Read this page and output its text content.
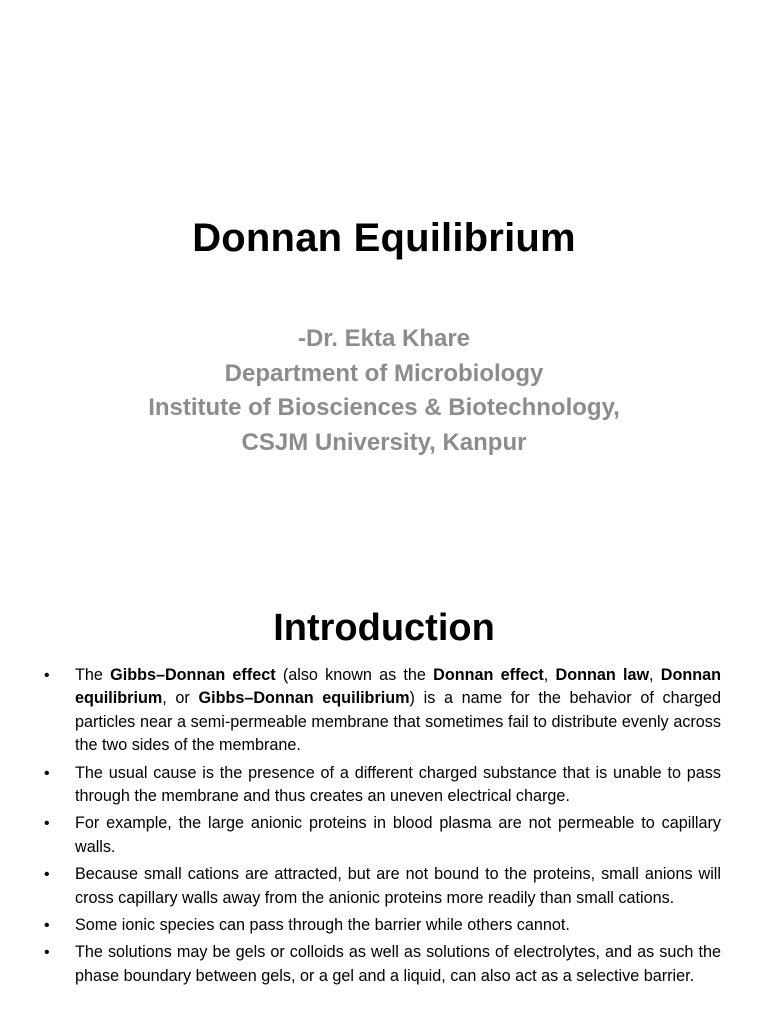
Donnan Equilibrium
-Dr. Ekta Khare
Department of Microbiology
Institute of Biosciences & Biotechnology,
CSJM University, Kanpur
Introduction
• The Gibbs–Donnan effect (also known as the Donnan effect, Donnan law, Donnan equilibrium, or Gibbs–Donnan equilibrium) is a name for the behavior of charged particles near a semi-permeable membrane that sometimes fail to distribute evenly across the two sides of the membrane.
• The usual cause is the presence of a different charged substance that is unable to pass through the membrane and thus creates an uneven electrical charge.
• For example, the large anionic proteins in blood plasma are not permeable to capillary walls.
• Because small cations are attracted, but are not bound to the proteins, small anions will cross capillary walls away from the anionic proteins more readily than small cations.
• Some ionic species can pass through the barrier while others cannot.
• The solutions may be gels or colloids as well as solutions of electrolytes, and as such the phase boundary between gels, or a gel and a liquid, can also act as a selective barrier.
